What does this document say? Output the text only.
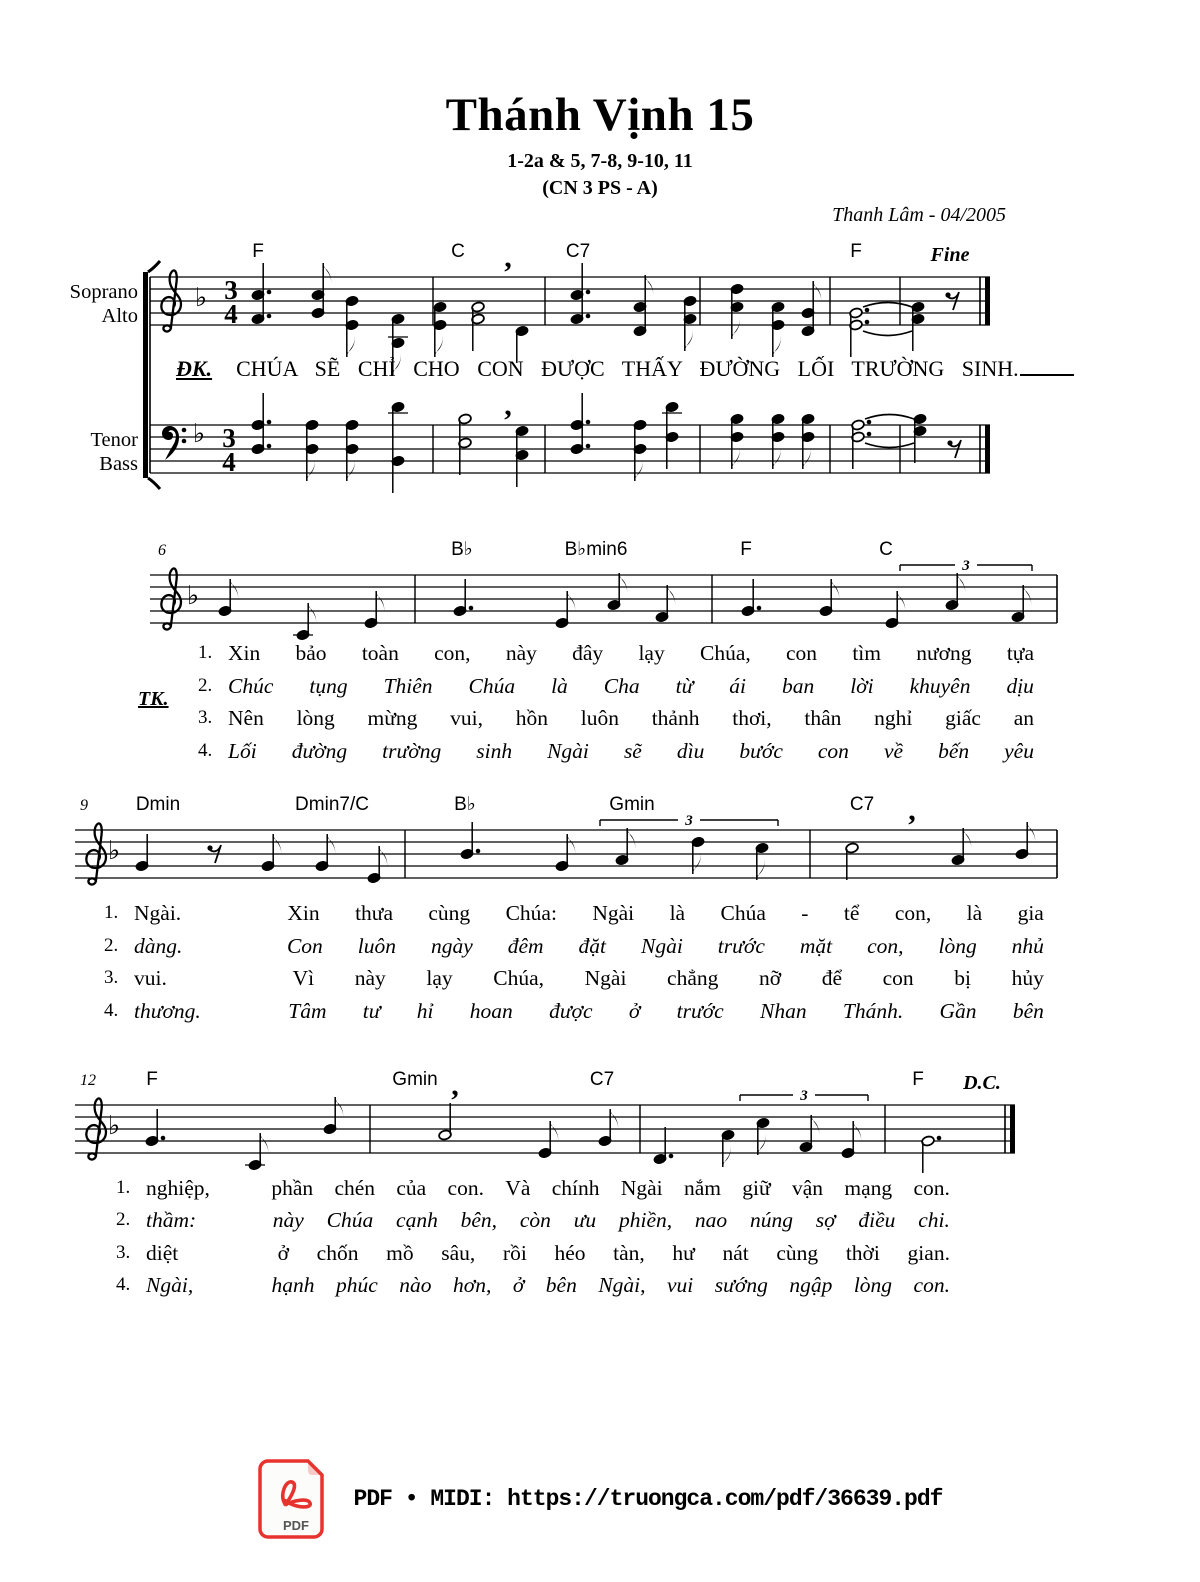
♭ 3
4
F	C	C7	F	Fine
,
♭ 3
4
,
♭
B♭	B♭min6	F	C
3
6
♭
Dmin	Dmin7/C	B♭	Gmin	C7 ,
3
9
♭
F	Gmin	C7	F D.C.
,	3
12
Thánh Vịnh 15
1-2a & 5, 7-8, 9-10, 11
(CN 3 PS - A)
Thanh Lâm - 04/2005
Soprano
Alto
Tenor
Bass
ĐK. CHÚA SẼ CHỈ CHO CON ĐƯỢC THẤY ĐƯỜNG LỐI TRƯỜNG SINH.
TK.
1. Xin bảo toàn con, này đây lạy Chúa, con tìm nương tựa
2. Chúc tụng Thiên Chúa là Cha từ ái ban lời khuyên dịu
3. Nên lòng mừng vui, hồn luôn thảnh thơi, thân nghỉ giấc an
4. Lối đường trường sinh Ngài sẽ dìu bước con về bến yêu
1. Ngài.	Xin thưa cùng Chúa: Ngài là Chúa - tể con, là gia
2. dàng.	Con luôn ngày đêm đặt Ngài trước mặt con, lòng nhủ
3. vui.	Vì này lạy Chúa, Ngài chẳng nỡ để con bị hủy
4. thương.	Tâm tư hỉ hoan được ở trước Nhan Thánh. Gần bên
1. nghiệp,	phần chén của con. Và chính Ngài nắm giữ vận mạng con.
2. thầm:	này Chúa cạnh bên, còn ưu phiền, nao núng sợ điều chi.
3. diệt	ở chốn mồ sâu, rồi héo tàn, hư nát cùng thời gian.
4. Ngài,	hạnh phúc nào hơn, ở bên Ngài, vui sướng ngập lòng con.
PDF
PDF • MIDI: https://truongca.com/pdf/36639.pdf
